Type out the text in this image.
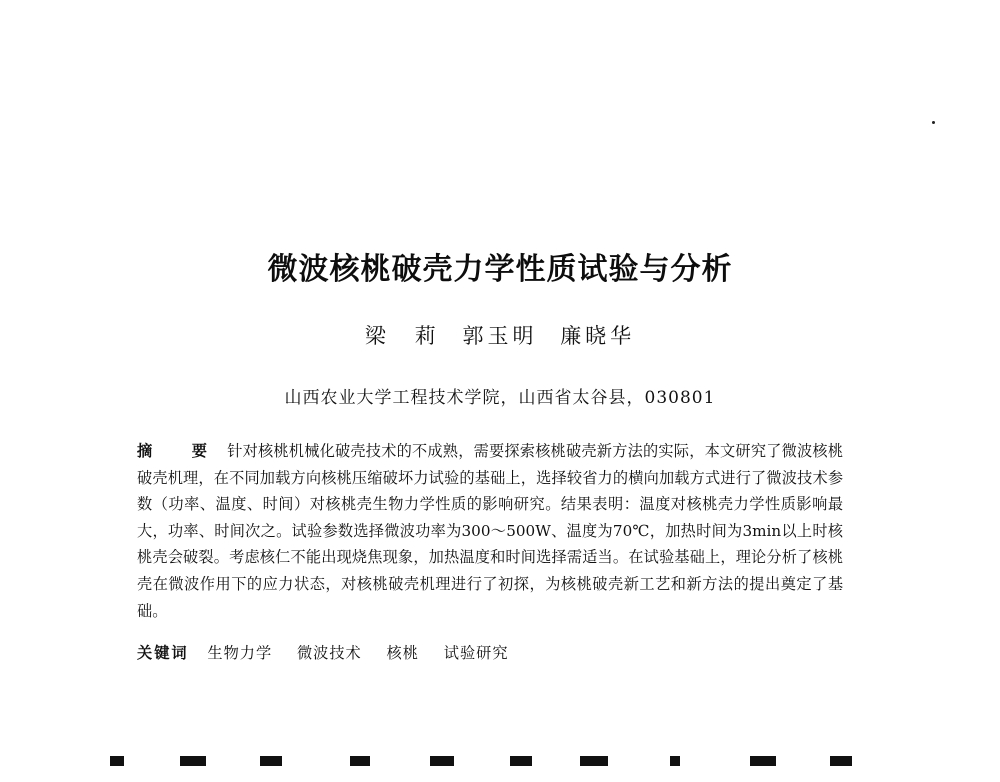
微波核桃破壳力学性质试验与分析
梁　莉 郭玉明 廉晓华
山西农业大学工程技术学院，山西省太谷县，030801
摘　要 针对核桃机械化破壳技术的不成熟，需要探索核桃破壳新方法的实际，本文研究了微波核桃破壳机理，在不同加载方向核桃压缩破坏力试验的基础上，选择较省力的横向加载方式进行了微波技术参数（功率、温度、时间）对核桃壳生物力学性质的影响研究。结果表明：温度对核桃壳力学性质影响最大，功率、时间次之。试验参数选择微波功率为300～500W、温度为70℃，加热时间为3min以上时核桃壳会破裂。考虑核仁不能出现烧焦现象，加热温度和时间选择需适当。在试验基础上，理论分析了核桃壳在微波作用下的应力状态，对核桃破壳机理进行了初探，为核桃破壳新工艺和新方法的提出奠定了基础。
关键词 生物力学 微波技术 核桃 试验研究
